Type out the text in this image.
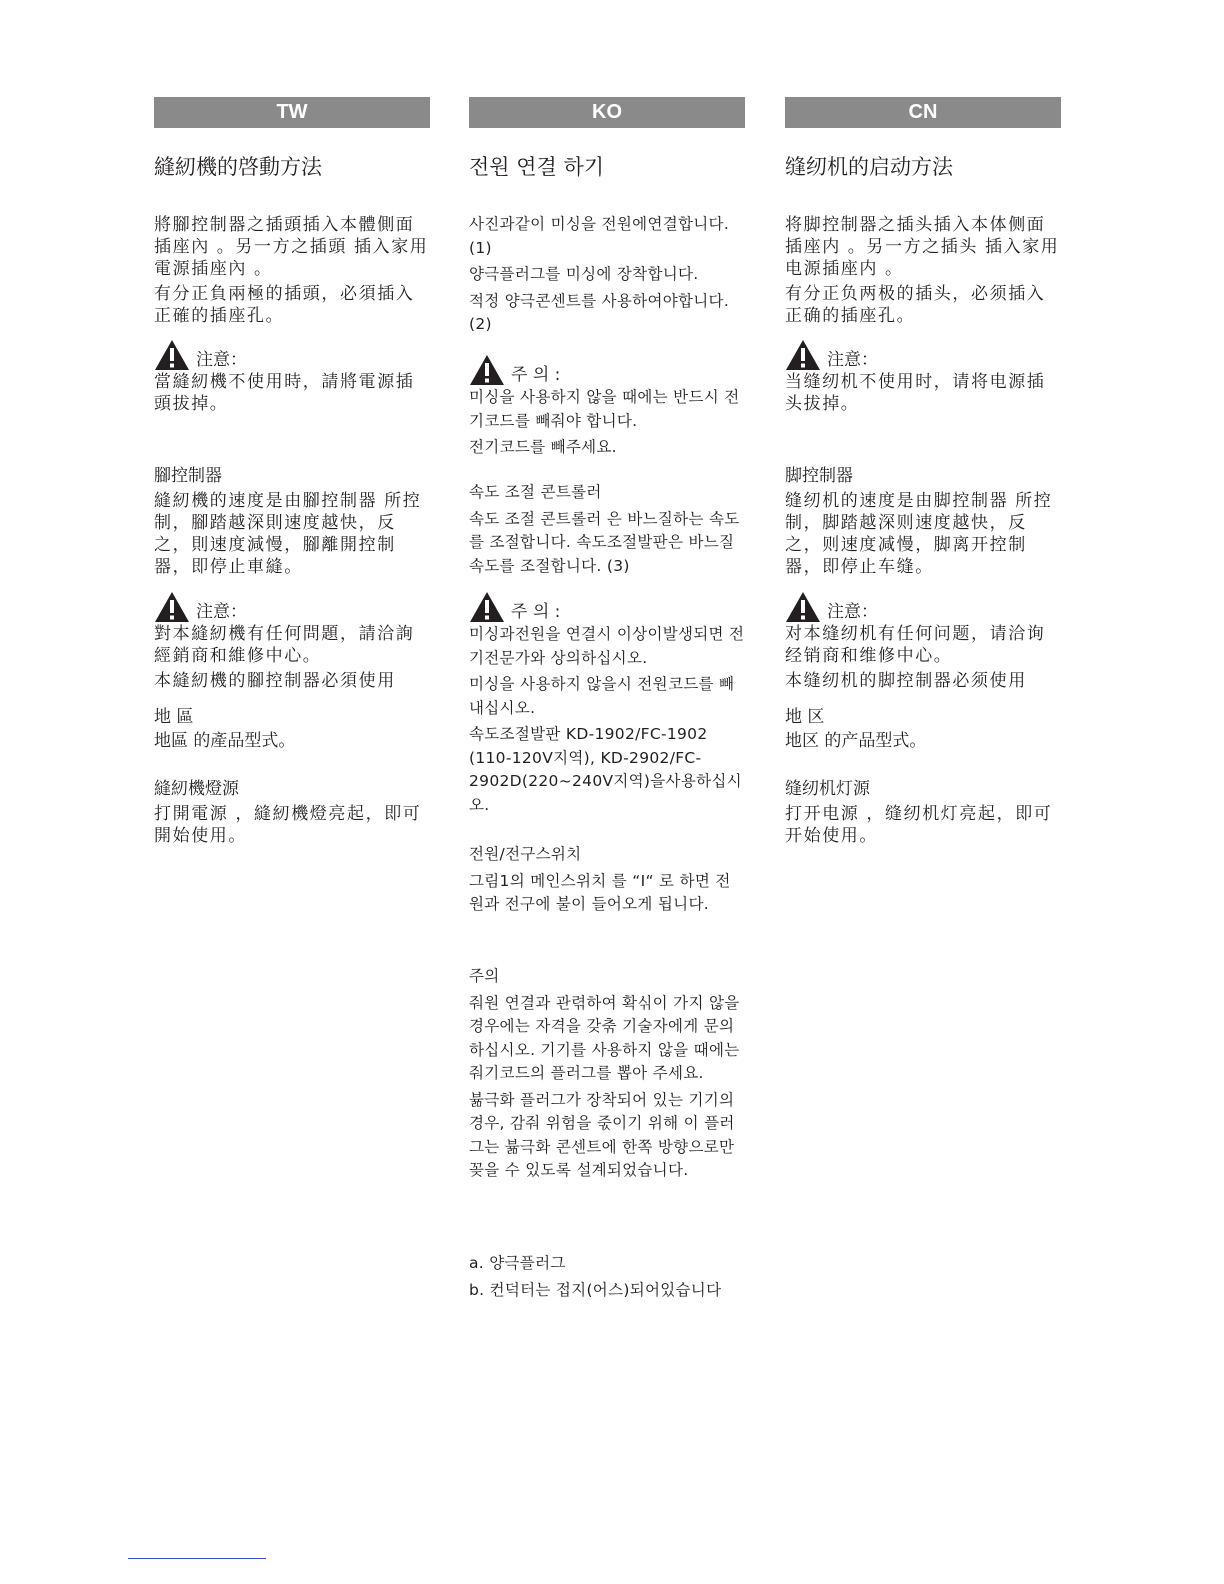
TW
縫紉機的啓動方法
將腳控制器之插頭插入本體側面插座內 。另一方之插頭 插入家用電源插座內 。
有分正負兩極的插頭，必須插入正確的插座孔。
注意：
當縫紉機不使用時，請將電源插頭拔掉。
腳控制器
縫紉機的速度是由腳控制器 所控制，腳踏越深則速度越快，反之，則速度減慢，腳離開控制器，即停止車縫。
注意：
對本縫紉機有任何問題，請洽詢經銷商和維修中心。
本縫紉機的腳控制器必須使用
地 區
地區 的產品型式。
縫紉機燈源
打開電源 ，縫紉機燈亮起，即可開始使用。
KO
전원 연결 하기
사진과같이 미싱을 전원에연결합니다. (1)
양극플러그를 미싱에 장착합니다.
적정 양극콘센트를 사용하여야합니다. (2)
주 의 :
미싱을 사용하지 않을 때에는 반드시 전기코드를 빼줘야 합니다.
전기코드를 빼주세요.
속도 조절 콘트롤러
속도 조절 콘트롤러 은 바느질하는 속도를 조절합니다. 속도조절발판은 바느질속도를 조절합니다. (3)
주 의 :
미싱과전원을 연결시 이상이발생되면 전기전문가와 상의하십시오.
미싱을 사용하지 않을시 전원코드를 빼내십시오.
속도조절발판 KD-1902/FC-1902 (110-120V지역), KD-2902/FC-2902D(220~240V지역)을사용하십시오.
전원/전구스위치
그림1의 메인스위치 를 “I“ 로 하면 전원과 전구에 불이 들어오게 됩니다.
주의
줘원 연결과 관렦하여 확싞이 가지 않을 경우에는 자격을 갖춖 기술자에게 문의하십시오. 기기를 사용하지 않을 때에는 줘기코드의 플러그를 뽑아 주세요.
뷺극화 플러그가 장착되어 있는 기기의 경우, 감줘 위험을 죿이기 위해 이 플러그는 뷺극화 콘센트에 한쪽 방향으로만 꽂을 수 있도록 설계되었습니다.
a. 양극플러그
b. 컨덕터는 접지(어스)되어있습니다
CN
缝纫机的启动方法
将脚控制器之插头插入本体侧面插座内 。另一方之插头 插入家用电源插座内 。
有分正负两极的插头，必须插入正确的插座孔。
注意：
当缝纫机不使用时，请将电源插头拔掉。
脚控制器
缝纫机的速度是由脚控制器 所控制，脚踏越深则速度越快，反之，则速度减慢，脚离开控制器，即停止车缝。
注意：
对本缝纫机有任何问题，请洽询经销商和维修中心。
本缝纫机的脚控制器必须使用
地 区
地区 的产品型式。
缝纫机灯源
打开电源 ，缝纫机灯亮起，即可开始使用。
